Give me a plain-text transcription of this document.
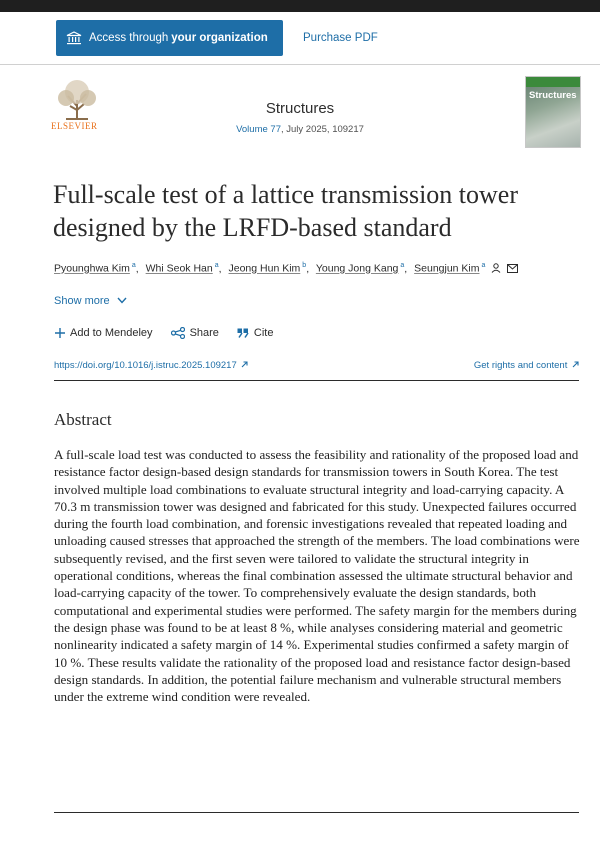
Access through your organization	Purchase PDF
ELSEVIER
Structures
Volume 77, July 2025, 109217
Structures
Full-scale test of a lattice transmission tower designed by the LRFD-based standard
Pyounghwa Kim $^a$, Whi Seok Han $^a$, Jeong Hun Kim $^b$, Young Jong Kang $^a$, Seungjun Kim $^a$
Show more
Add to Mendeley	Share	Cite
https://doi.org/10.1016/j.istruc.2025.109217	Get rights and content
Abstract
A full-scale load test was conducted to assess the feasibility and rationality of the proposed load and resistance factor design-based design standards for transmission towers in South Korea. The test involved multiple load combinations to evaluate structural integrity and load-carrying capacity. A 70.3 m transmission tower was designed and fabricated for this study. Unexpected failures occurred during the fourth load combination, and forensic investigations revealed that repeated loading and unloading caused stresses that approached the strength of the members. The load combinations were subsequently revised, and the first seven were tailored to validate the structural integrity in operational conditions, whereas the final combination assessed the ultimate structural behavior and load-carrying capacity of the tower. To comprehensively evaluate the design standards, both computational and experimental studies were performed. The safety margin for the members during the design phase was found to be at least 8 %, while analyses considering material and geometric nonlinearity indicated a safety margin of 14 %. Experimental studies confirmed a safety margin of 10 %. These results validate the rationality of the proposed load and resistance factor design-based design standards. In addition, the potential failure mechanism and vulnerable structural members under the extreme wind condition were revealed.
